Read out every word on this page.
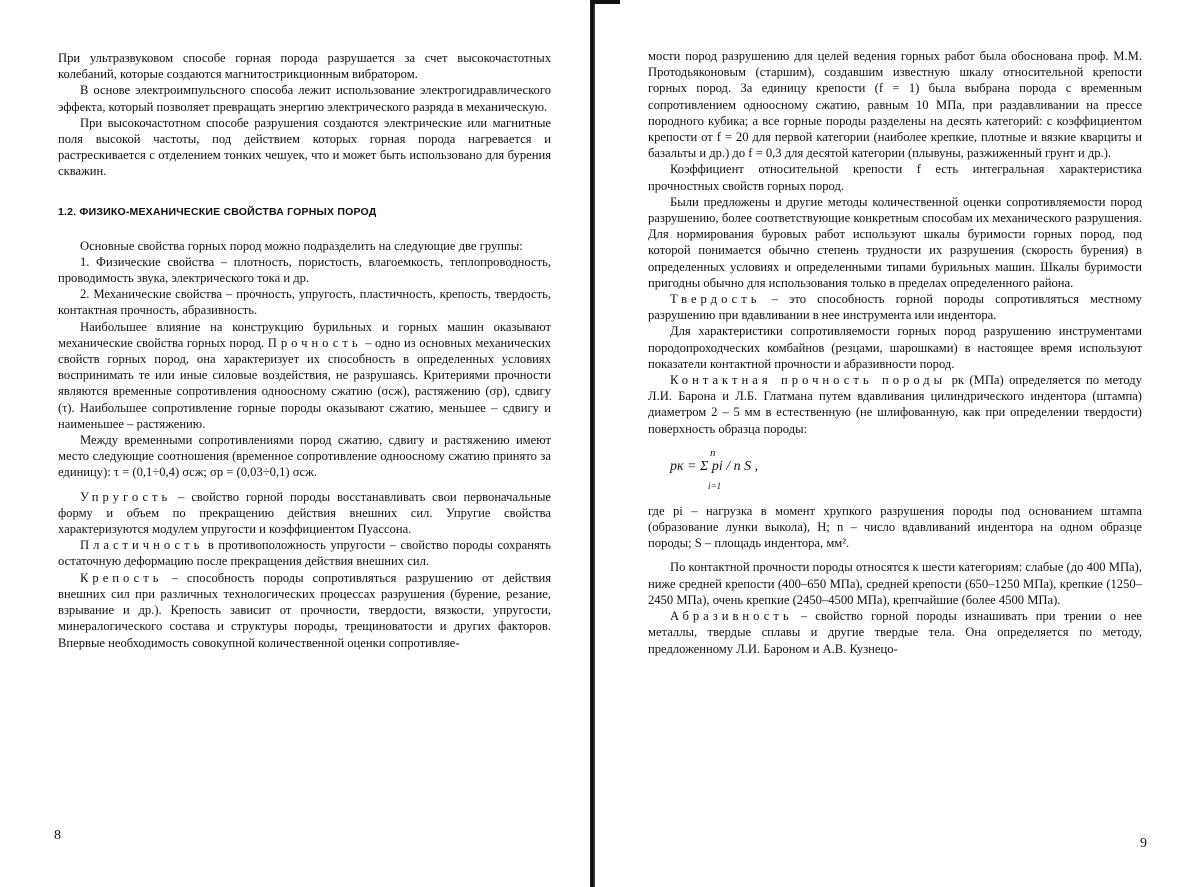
При ультразвуковом способе горная порода разрушается за счет высокочастотных колебаний, которые создаются магнитострикционным вибратором.

В основе электроимпульсного способа лежит использование электрогидравлического эффекта, который позволяет превращать энергию электрического разряда в механическую.

При высокочастотном способе разрушения создаются электрические или магнитные поля высокой частоты, под действием которых горная порода нагревается и растрескивается с отделением тонких чешуек, что и может быть использовано для бурения скважин.

1.2. ФИЗИКО-МЕХАНИЧЕСКИЕ СВОЙСТВА ГОРНЫХ ПОРОД

Основные свойства горных пород можно подразделить на следующие две группы:

1. Физические свойства – плотность, пористость, влагоемкость, теплопроводность, проводимость звука, электрического тока и др.

2. Механические свойства – прочность, упругость, пластичность, крепость, твердость, контактная прочность, абразивность.

Наибольшее влияние на конструкцию бурильных и горных машин оказывают механические свойства горных пород. Прочность – одно из основных механических свойств горных пород, она характеризует их способность в определенных условиях воспринимать те или иные силовые воздействия, не разрушаясь. Критериями прочности являются временные сопротивления одноосному сжатию (σсж), растяжению (σр), сдвигу (τ). Наибольшее сопротивление горные породы оказывают сжатию, меньшее – сдвигу и наименьшее – растяжению.

Между временными сопротивлениями пород сжатию, сдвигу и растяжению имеют место следующие соотношения (временное сопротивление одноосному сжатию принято за единицу): τ = (0,1÷0,4) σсж; σр = (0,03÷0,1) σсж.

Упругость – свойство горной породы восстанавливать свои первоначальные форму и объем по прекращению действия внешних сил. Упругие свойства характеризуются модулем упругости и коэффициентом Пуассона.

Пластичность в противоположность упругости – свойство породы сохранять остаточную деформацию после прекращения действия внешних сил.

Крепость – способность породы сопротивляться разрушению от действия внешних сил при различных технологических процессах разрушения (бурение, резание, взрывание и др.). Крепость зависит от прочности, твердости, вязкости, упругости, минералогического состава и структуры породы, трещиноватости и других факторов. Впервые необходимость совокупной количественной оценки сопротивляе-

8

мости пород разрушению для целей ведения горных работ была обоснована проф. М.М. Протодьяконовым (старшим), создавшим известную шкалу относительной крепости горных пород. За единицу крепости (f = 1) была выбрана порода с временным сопротивлением одноосному сжатию, равным 10 МПа, при раздавливании на прессе породного кубика; а все горные породы разделены на десять категорий: с коэффициентом крепости от f = 20 для первой категории (наиболее крепкие, плотные и вязкие кварциты и базальты и др.) до f = 0,3 для десятой категории (плывуны, разжиженный грунт и др.).

Коэффициент относительной крепости f есть интегральная характеристика прочностных свойств горных пород.

Были предложены и другие методы количественной оценки сопротивляемости пород разрушению, более соответствующие конкретным способам их механического разрушения. Для нормирования буровых работ используют шкалы буримости горных пород, под которой понимается обычно степень трудности их разрушения (скорость бурения) в определенных условиях и определенными типами бурильных машин. Шкалы буримости пригодны обычно для использования только в пределах определенного района.

Твердость – это способность горной породы сопротивляться местному разрушению при вдавливании в нее инструмента или индентора.

Для характеристики сопротивляемости горных пород разрушению инструментами породопроходческих комбайнов (резцами, шарошками) в настоящее время используют показатели контактной прочности и абразивности пород.

Контактная прочность породы pк (МПа) определяется по методу Л.И. Барона и Л.Б. Глатмана путем вдавливания цилиндрического индентора (штампа) диаметром 2 – 5 мм в естественную (не шлифованную, как при определении твердости) поверхность образца породы:

n
pк = Σ pi / n S ,
i=1

где pi – нагрузка в момент хрупкого разрушения породы под основанием штампа (образование лунки выкола), Н; n – число вдавливаний индентора на одном образце породы; S – площадь индентора, мм².

По контактной прочности породы относятся к шести категориям: слабые (до 400 МПа), ниже средней крепости (400–650 МПа), средней крепости (650–1250 МПа), крепкие (1250–2450 МПа), очень крепкие (2450–4500 МПа), крепчайшие (более 4500 МПа).

Абразивность – свойство горной породы изнашивать при трении о нее металлы, твердые сплавы и другие твердые тела. Она определяется по методу, предложенному Л.И. Бароном и А.В. Кузнецо-

9
